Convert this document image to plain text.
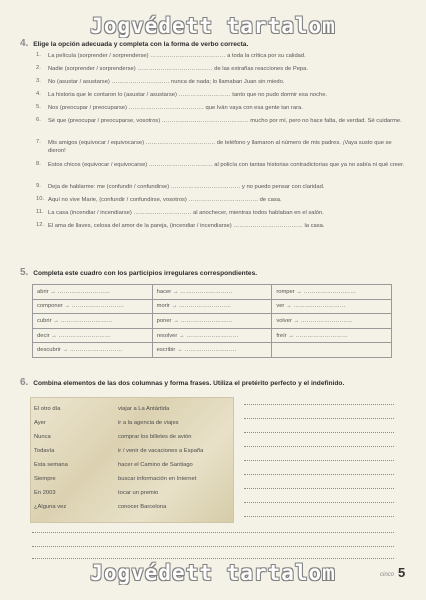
Jogvédett tartalom
4. Elige la opción adecuada y completa con la forma de verbo correcta.
1.	La película (sorprender / sorprenderse) ………………………………… a toda la crítica por su calidad.
2.	Nadie (sorprender / sorprenderse) ………………………………… de las extrañas reacciones de Pepa.
3.	No (asustar / asustarse) ………………………… nunca de nada; lo llamaban Juan sin miedo.
4.	La historia que le contaron lo (asustar / asustarse) ……………………… tanto que no pudo dormir esa noche.
5.	Nos (preocupar / preocuparse) ………………………………… que Iván vaya con esa gente tan rara.
6.	Sé que (preocupar / preocuparse, vosotros) ……………………………………… mucho por mí, pero no hace falta, de verdad. Sé cuidarme.
7.	Mis amigos (equivocar / equivocarse) ……………………………… de teléfono y llamaron al número de mis padres. ¡Vaya susto que se dieron!
8.	Estos chicos (equivocar / equivocarse) …………………………… al policía con tantas historias contradictorias que ya no sabía ni qué creer.
9.	Deja de hablarme: me (confundir / confundirse) ……………………………… y no puedo pensar con claridad.
10. Aquí no vive Marie, (confundir / confundirse, vosotros) ……………………………… de casa.
11. La casa (incendiar / incendiarse) ………………………… al anochecer, mientras todos hablaban en el salón.
12. El ama de llaves, celosa del amor de la pareja, (incendiar / incendiarse) ……………………………… la casa.
5. Completa este cuadro con los participios irregulares correspondientes.
abrir → ………………………	hacer → ………………………	romper → ………………………
componer → ………………………	morir → ………………………	ver → ………………………
cubrir → ………………………	poner → ………………………	volver → ………………………
decir → ………………………	resolver → ………………………	freír → ………………………
descubrir → ………………………	escribir → ………………………	
6. Combina elementos de las dos columnas y forma frases. Utiliza el pretérito perfecto y el indefinido.
El otro día
Ayer
Nunca
Todavía
Esta semana
Siempre
En 2003
¿Alguna vez
viajar a La Antártida
ir a la agencia de viajes
comprar los billetes de avión
ir / venir de vacaciones a España
hacer el Camino de Santiago
buscar información en Internet
tocar un premio
conocer Barcelona
Jogvédett tartalom	cinco 5
